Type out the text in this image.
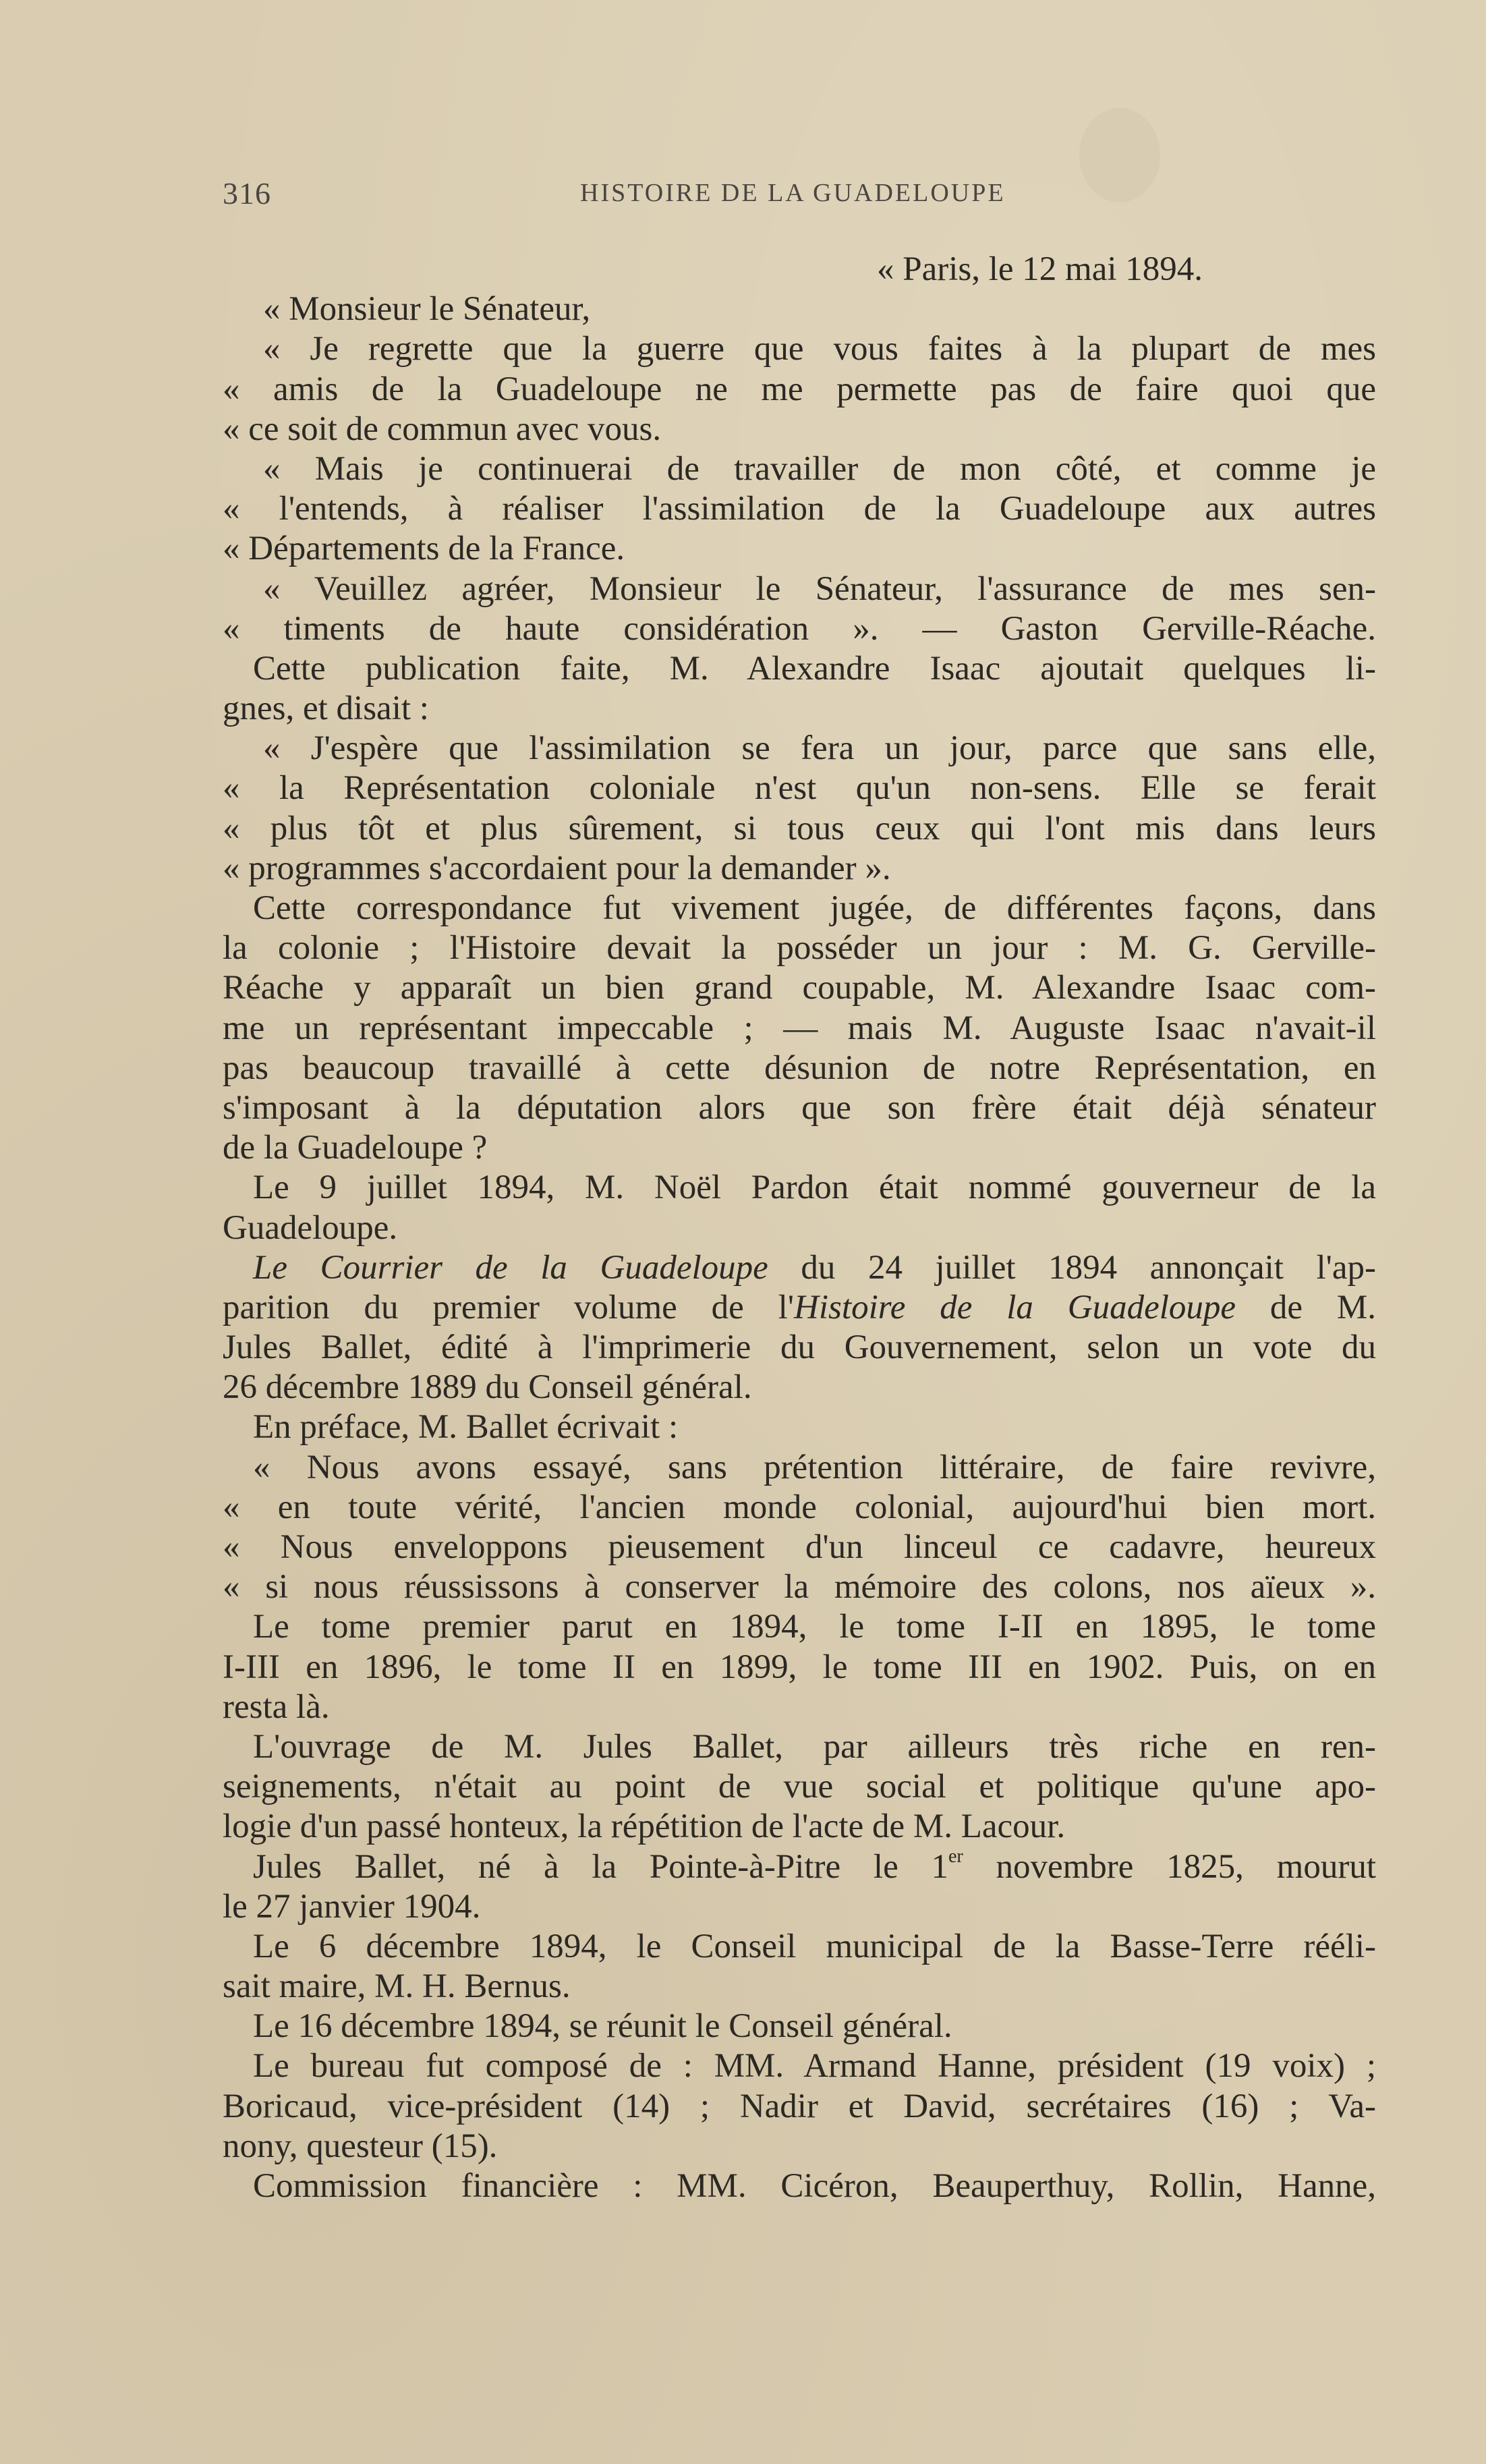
316	HISTOIRE DE LA GUADELOUPE
« Paris, le 12 mai 1894.
« Monsieur le Sénateur,
« Je regrette que la guerre que vous faites à la plupart de mes
« amis de la Guadeloupe ne me permette pas de faire quoi que
« ce soit de commun avec vous.
« Mais je continuerai de travailler de mon côté, et comme je
« l'entends, à réaliser l'assimilation de la Guadeloupe aux autres
« Départements de la France.
« Veuillez agréer, Monsieur le Sénateur, l'assurance de mes sen-
« timents de haute considération ». — Gaston Gerville-Réache.
Cette publication faite, M. Alexandre Isaac ajoutait quelques li-
gnes, et disait :
« J'espère que l'assimilation se fera un jour, parce que sans elle,
« la Représentation coloniale n'est qu'un non-sens. Elle se ferait
« plus tôt et plus sûrement, si tous ceux qui l'ont mis dans leurs
« programmes s'accordaient pour la demander ».
Cette correspondance fut vivement jugée, de différentes façons, dans
la colonie ; l'Histoire devait la posséder un jour : M. G. Gerville-
Réache y apparaît un bien grand coupable, M. Alexandre Isaac com-
me un représentant impeccable ; — mais M. Auguste Isaac n'avait-il
pas beaucoup travaillé à cette désunion de notre Représentation, en
s'imposant à la députation alors que son frère était déjà sénateur
de la Guadeloupe ?
Le 9 juillet 1894, M. Noël Pardon était nommé gouverneur de la
Guadeloupe.
Le Courrier de la Guadeloupe du 24 juillet 1894 annonçait l'ap-
parition du premier volume de l'Histoire de la Guadeloupe de M.
Jules Ballet, édité à l'imprimerie du Gouvernement, selon un vote du
26 décembre 1889 du Conseil général.
En préface, M. Ballet écrivait :
« Nous avons essayé, sans prétention littéraire, de faire revivre,
« en toute vérité, l'ancien monde colonial, aujourd'hui bien mort.
« Nous enveloppons pieusement d'un linceul ce cadavre, heureux
« si nous réussissons à conserver la mémoire des colons, nos aïeux ».
Le tome premier parut en 1894, le tome I-II en 1895, le tome
I-III en 1896, le tome II en 1899, le tome III en 1902. Puis, on en
resta là.
L'ouvrage de M. Jules Ballet, par ailleurs très riche en ren-
seignements, n'était au point de vue social et politique qu'une apo-
logie d'un passé honteux, la répétition de l'acte de M. Lacour.
Jules Ballet, né à la Pointe-à-Pitre le 1er novembre 1825, mourut
le 27 janvier 1904.
Le 6 décembre 1894, le Conseil municipal de la Basse-Terre rééli-
sait maire, M. H. Bernus.
Le 16 décembre 1894, se réunit le Conseil général.
Le bureau fut composé de : MM. Armand Hanne, président (19 voix) ;
Boricaud, vice-président (14) ; Nadir et David, secrétaires (16) ; Va-
nony, questeur (15).
Commission financière : MM. Cicéron, Beauperthuy, Rollin, Hanne,
